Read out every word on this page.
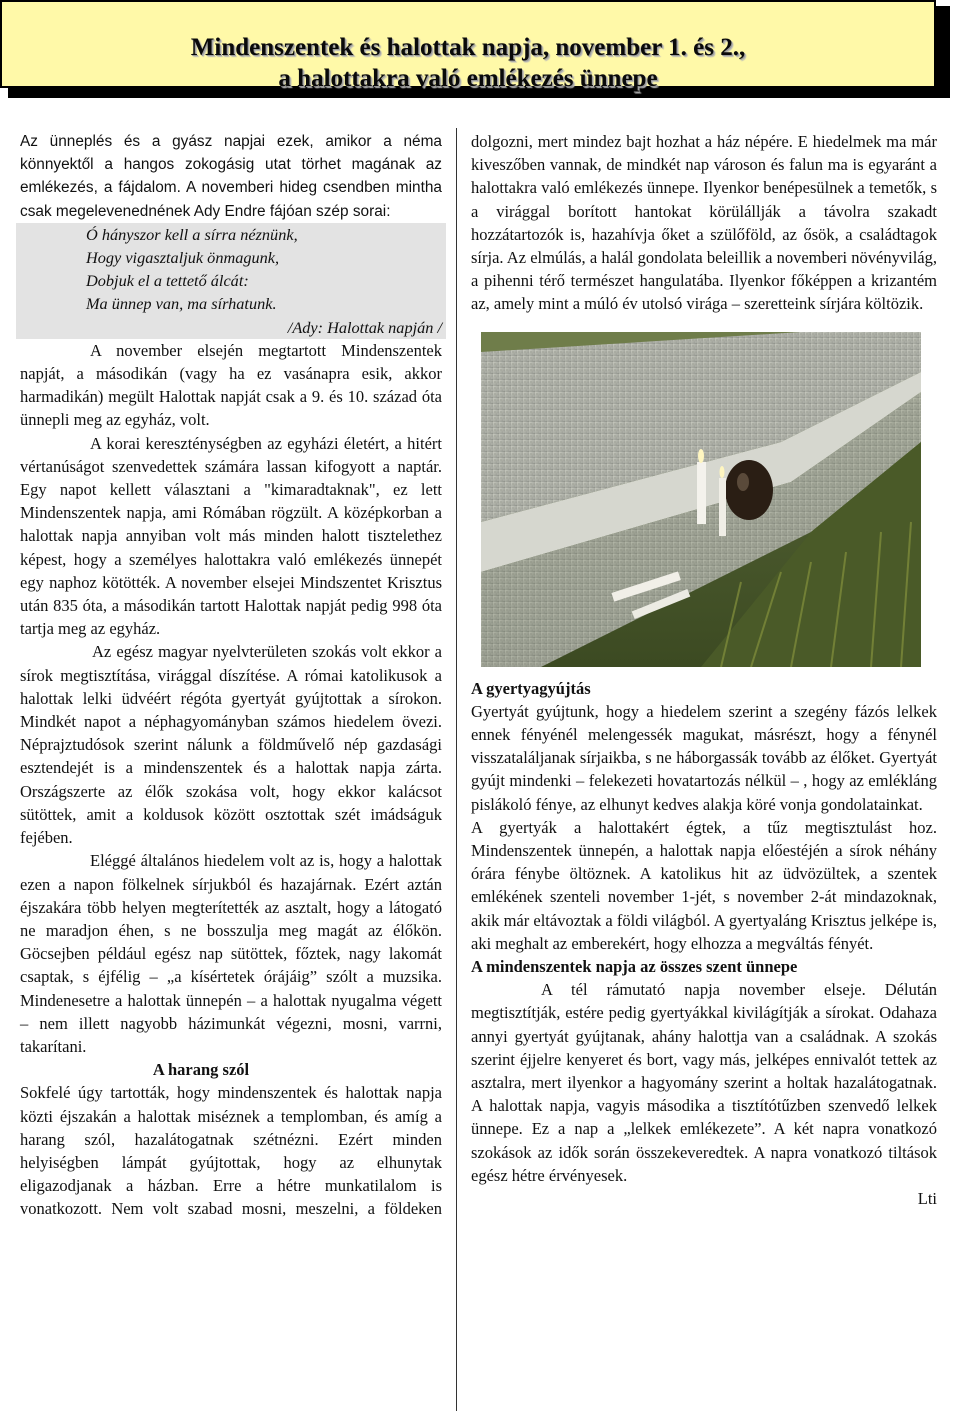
Mindenszentek és halottak napja, november 1. és 2.,
a halottakra való emlékezés ünnepe

Az ünneplés és a gyász napjai ezek, amikor a néma könnyektől a hangos zokogásig utat törhet magának az emlékezés, a fájdalom. A novemberi hideg csendben mintha csak megelevenednének Ady Endre fájóan szép sorai:

Ó hányszor kell a sírra néznünk,
Hogy vigasztaljuk önmagunk,
Dobjuk el a tettető álcát:
Ma ünnep van, ma sírhatunk.
/Ady: Halottak napján /

A november elsején megtartott Mindenszentek napját, a másodikán (vagy ha ez vasánapra esik, akkor harmadikán) megült Halottak napját csak a 9. és 10. század óta ünnepli meg az egyház, volt.

A korai kereszténységben az egyházi életért, a hitért vértanúságot szenvedettek számára lassan kifogyott a naptár. Egy napot kellett választani a "kimaradtaknak", ez lett Mindenszentek napja, ami Rómában rögzült. A középkorban a halottak napja annyiban volt más minden halott tisztelethez képest, hogy a személyes halottakra való emlékezés ünnepét egy naphoz kötötték. A november elsejei Mindszentet Krisztus után 835 óta, a másodikán tartott Halottak napját pedig 998 óta tartja meg az egyház.

Az egész magyar nyelvterületen szokás volt ekkor a sírok megtisztítása, virággal díszítése. A római katolikusok a halottak lelki üdvéért régóta gyertyát gyújtottak a sírokon. Mindkét napot a néphagyományban számos hiedelem övezi. Néprajztudósok szerint nálunk a földművelő nép gazdasági esztendejét is a mindenszentek és a halottak napja zárta. Országszerte az élők szokása volt, hogy ekkor kalácsot sütöttek, amit a koldusok között osztottak szét imádságuk fejében.

Eléggé általános hiedelem volt az is, hogy a halottak ezen a napon fölkelnek sírjukból és hazajárnak. Ezért aztán éjszakára több helyen megterítették az asztalt, hogy a látogató ne maradjon éhen, s ne bosszulja meg magát az élőkön. Göcsejben például egész nap sütöttek, főztek, nagy lakomát csaptak, s éjfélig – „a kísértetek órájáig” szólt a muzsika. Mindenesetre a halottak ünnepén – a halottak nyugalma végett – nem illett nagyobb házimunkát végezni, mosni, varrni, takarítani.

A harang szól

Sokfelé úgy tartották, hogy mindenszentek és halottak napja közti éjszakán a halottak miséznek a templomban, és amíg a harang szól, hazalátogatnak szétnézni. Ezért minden helyiségben lámpát gyújtottak, hogy az elhunytak eligazodjanak a házban. Erre a hétre munkatilalom is vonatkozott. Nem volt szabad mosni, meszelni, a földeken

dolgozni, mert mindez bajt hozhat a ház népére. E hiedelmek ma már kiveszőben vannak, de mindkét nap városon és falun ma is egyaránt a halottakra való emlékezés ünnepe. Ilyenkor benépesülnek a temetők, s a virággal borított hantokat körülállják a távolra szakadt hozzátartozók is, hazahívja őket a szülőföld, az ősök, a családtagok sírja. Az elmúlás, a halál gondolata beleillik a novemberi növényvilág, a pihenni térő természet hangulatába. Ilyenkor főképpen a krizantém az, amely mint a múló év utolsó virága – szeretteink sírjára költözik.

A gyertyagyújtás

Gyertyát gyújtunk, hogy a hiedelem szerint a szegény fázós lelkek ennek fényénél melengessék magukat, másrészt, hogy a fénynél visszataláljanak sírjaikba, s ne háborgassák tovább az élőket. Gyertyát gyújt mindenki – felekezeti hovatartozás nélkül – , hogy az emlékláng pislákoló fénye, az elhunyt kedves alakja köré vonja gondolatainkat.

A gyertyák a halottakért égtek, a tűz megtisztulást hoz. Mindenszentek ünnepén, a halottak napja előestéjén a sírok néhány órára fénybe öltöznek. A katolikus hit az üdvözültek, a szentek emlékének szenteli november 1-jét, s november 2-át mindazoknak, akik már eltávoztak a földi világból. A gyertyaláng Krisztus jelképe is, aki meghalt az emberekért, hogy elhozza a megváltás fényét.

A mindenszentek napja az összes szent ünnepe

A tél rámutató napja november elseje. Délután megtisztítják, estére pedig gyertyákkal kivilágítják a sírokat. Odahaza annyi gyertyát gyújtanak, ahány halottja van a családnak. A szokás szerint éjjelre kenyeret és bort, vagy más, jelképes ennivalót tettek az asztalra, mert ilyenkor a hagyomány szerint a holtak hazalátogatnak. A halottak napja, vagyis másodika a tisztítótűzben szenvedő lelkek ünnepe. Ez a nap a „lelkek emlékezete”. A két napra vonatkozó szokások az idők során összekeveredtek. A napra vonatkozó tiltások egész hétre érvényesek.

Lti
